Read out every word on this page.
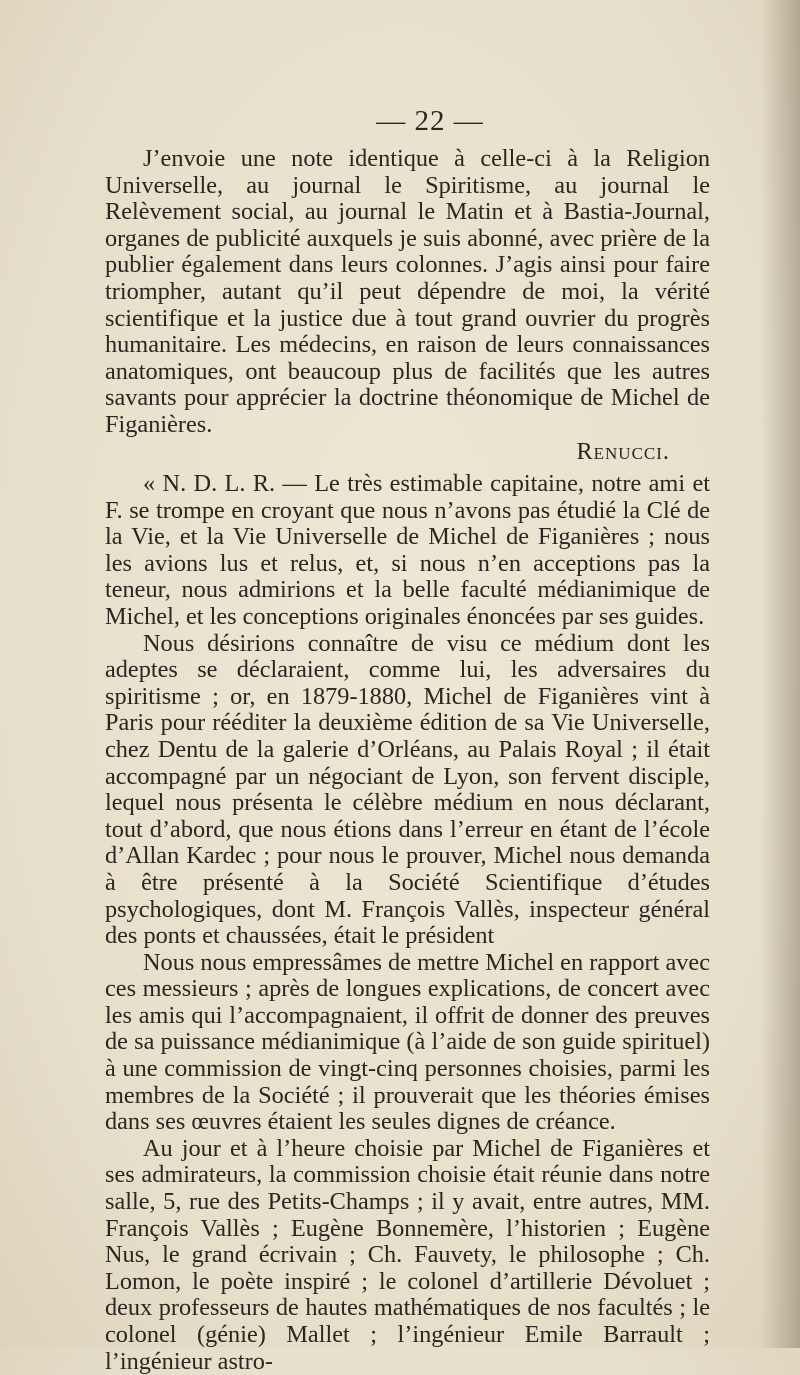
— 22 —

J’envoie une note identique à celle-ci à la Religion Universelle, au journal le Spiritisme, au journal le Relèvement social, au journal le Matin et à Bastia-Journal, organes de publicité auxquels je suis abonné, avec prière de la publier également dans leurs colonnes. J’agis ainsi pour faire triompher, autant qu’il peut dépendre de moi, la vérité scientifique et la justice due à tout grand ouvrier du progrès humanitaire. Les médecins, en raison de leurs connaissances anatomiques, ont beaucoup plus de facilités que les autres savants pour apprécier la doctrine théonomique de Michel de Figanières.

Renucci.

« N. D. L. R. — Le très estimable capitaine, notre ami et F. se trompe en croyant que nous n’avons pas étudié la Clé de la Vie, et la Vie Universelle de Michel de Figanières ; nous les avions lus et relus, et, si nous n’en acceptions pas la teneur, nous admirions et la belle faculté médianimique de Michel, et les conceptions originales énoncées par ses guides.

Nous désirions connaître de visu ce médium dont les adeptes se déclaraient, comme lui, les adversaires du spiritisme ; or, en 1879-1880, Michel de Figanières vint à Paris pour rééditer la deuxième édition de sa Vie Universelle, chez Dentu de la galerie d’Orléans, au Palais Royal ; il était accompagné par un négociant de Lyon, son fervent disciple, lequel nous présenta le célèbre médium en nous déclarant, tout d’abord, que nous étions dans l’erreur en étant de l’école d’Allan Kardec ; pour nous le prouver, Michel nous demanda à être présenté à la Société Scientifique d’études psychologiques, dont M. François Vallès, inspecteur général des ponts et chaussées, était le président

Nous nous empressâmes de mettre Michel en rapport avec ces messieurs ; après de longues explications, de concert avec les amis qui l’accompagnaient, il offrit de donner des preuves de sa puissance médianimique (à l’aide de son guide spirituel) à une commission de vingt-cinq personnes choisies, parmi les membres de la Société ; il prouverait que les théories émises dans ses œuvres étaient les seules dignes de créance.

Au jour et à l’heure choisie par Michel de Figanières et ses admirateurs, la commission choisie était réunie dans notre salle, 5, rue des Petits-Champs ; il y avait, entre autres, MM. François Vallès ; Eugène Bonnemère, l’historien ; Eugène Nus, le grand écrivain ; Ch. Fauvety, le philosophe ; Ch. Lomon, le poète inspiré ; le colonel d’artillerie Dévoluet ; deux professeurs de hautes mathématiques de nos facultés ; le colonel (génie) Mallet ; l’ingénieur Emile Barrault ; l’ingénieur astro-
